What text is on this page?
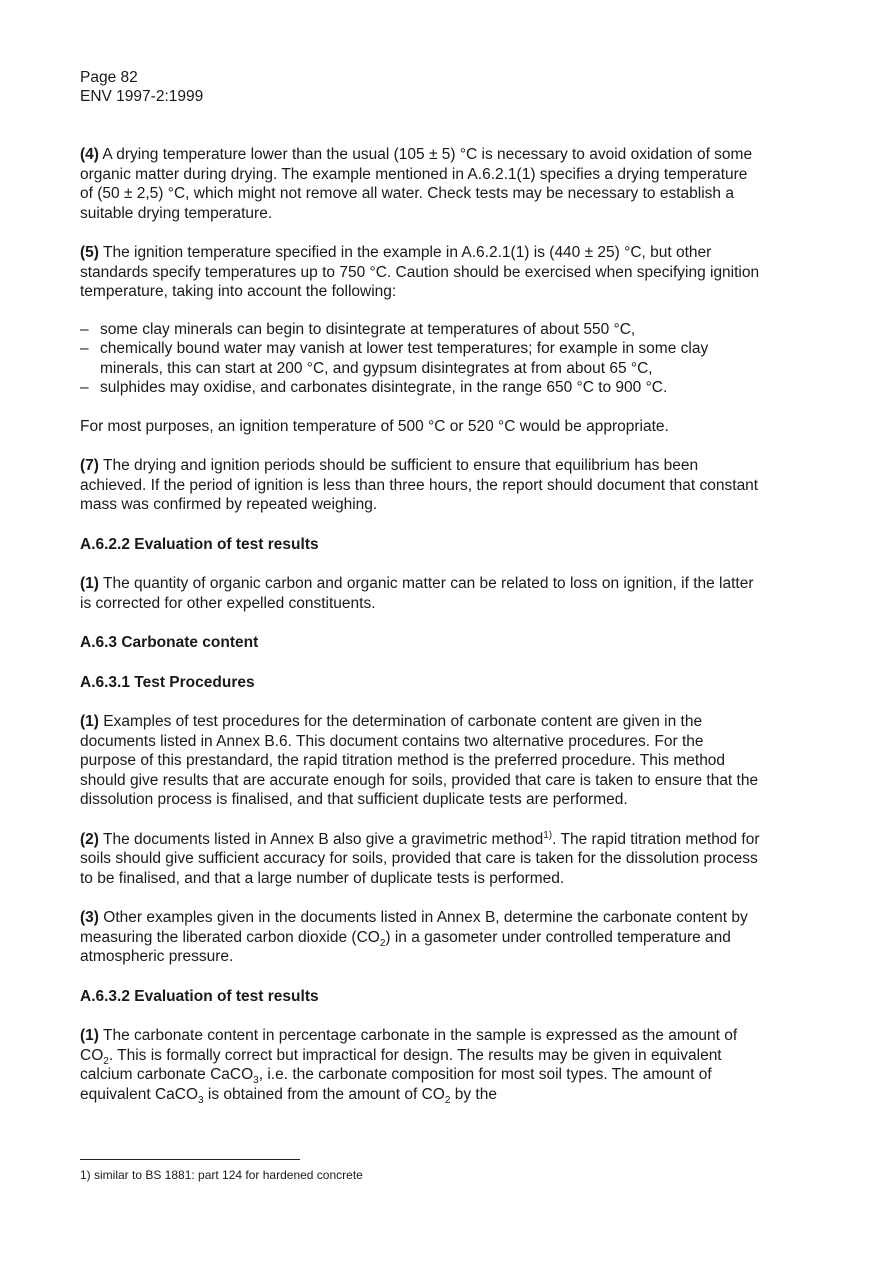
Page 82
ENV 1997-2:1999

(4) A drying temperature lower than the usual (105 ± 5) °C is necessary to avoid oxidation of some organic matter during drying. The example mentioned in A.6.2.1(1) specifies a drying temperature of (50 ± 2,5) °C, which might not remove all water. Check tests may be necessary to establish a suitable drying temperature.

(5) The ignition temperature specified in the example in A.6.2.1(1) is (440 ± 25) °C, but other standards specify temperatures up to 750 °C. Caution should be exercised when specifying ignition temperature, taking into account the following:

– some clay minerals can begin to disintegrate at temperatures of about 550 °C,
– chemically bound water may vanish at lower test temperatures; for example in some clay minerals, this can start at 200 °C, and gypsum disintegrates at from about 65 °C,
– sulphides may oxidise, and carbonates disintegrate, in the range 650 °C to 900 °C.

For most purposes, an ignition temperature of 500 °C or 520 °C would be appropriate.

(7) The drying and ignition periods should be sufficient to ensure that equilibrium has been achieved. If the period of ignition is less than three hours, the report should document that constant mass was confirmed by repeated weighing.

A.6.2.2 Evaluation of test results

(1) The quantity of organic carbon and organic matter can be related to loss on ignition, if the latter is corrected for other expelled constituents.

A.6.3 Carbonate content

A.6.3.1 Test Procedures

(1) Examples of test procedures for the determination of carbonate content are given in the documents listed in Annex B.6. This document contains two alternative procedures. For the purpose of this prestandard, the rapid titration method is the preferred procedure. This method should give results that are accurate enough for soils, provided that care is taken to ensure that the dissolution process is finalised, and that sufficient duplicate tests are performed.

(2) The documents listed in Annex B also give a gravimetric method$^{1)}$. The rapid titration method for soils should give sufficient accuracy for soils, provided that care is taken for the dissolution process to be finalised, and that a large number of duplicate tests is performed.

(3) Other examples given in the documents listed in Annex B, determine the carbonate content by measuring the liberated carbon dioxide $(CO_2)$ in a gasometer under controlled temperature and atmospheric pressure.

A.6.3.2 Evaluation of test results

(1) The carbonate content in percentage carbonate in the sample is expressed as the amount of $CO_2$. This is formally correct but impractical for design. The results may be given in equivalent calcium carbonate CaCO$_3$, i.e. the carbonate composition for most soil types. The amount of equivalent CaCO$_3$ is obtained from the amount of $CO_2$ by the

1) similar to BS 1881: part 124 for hardened concrete
